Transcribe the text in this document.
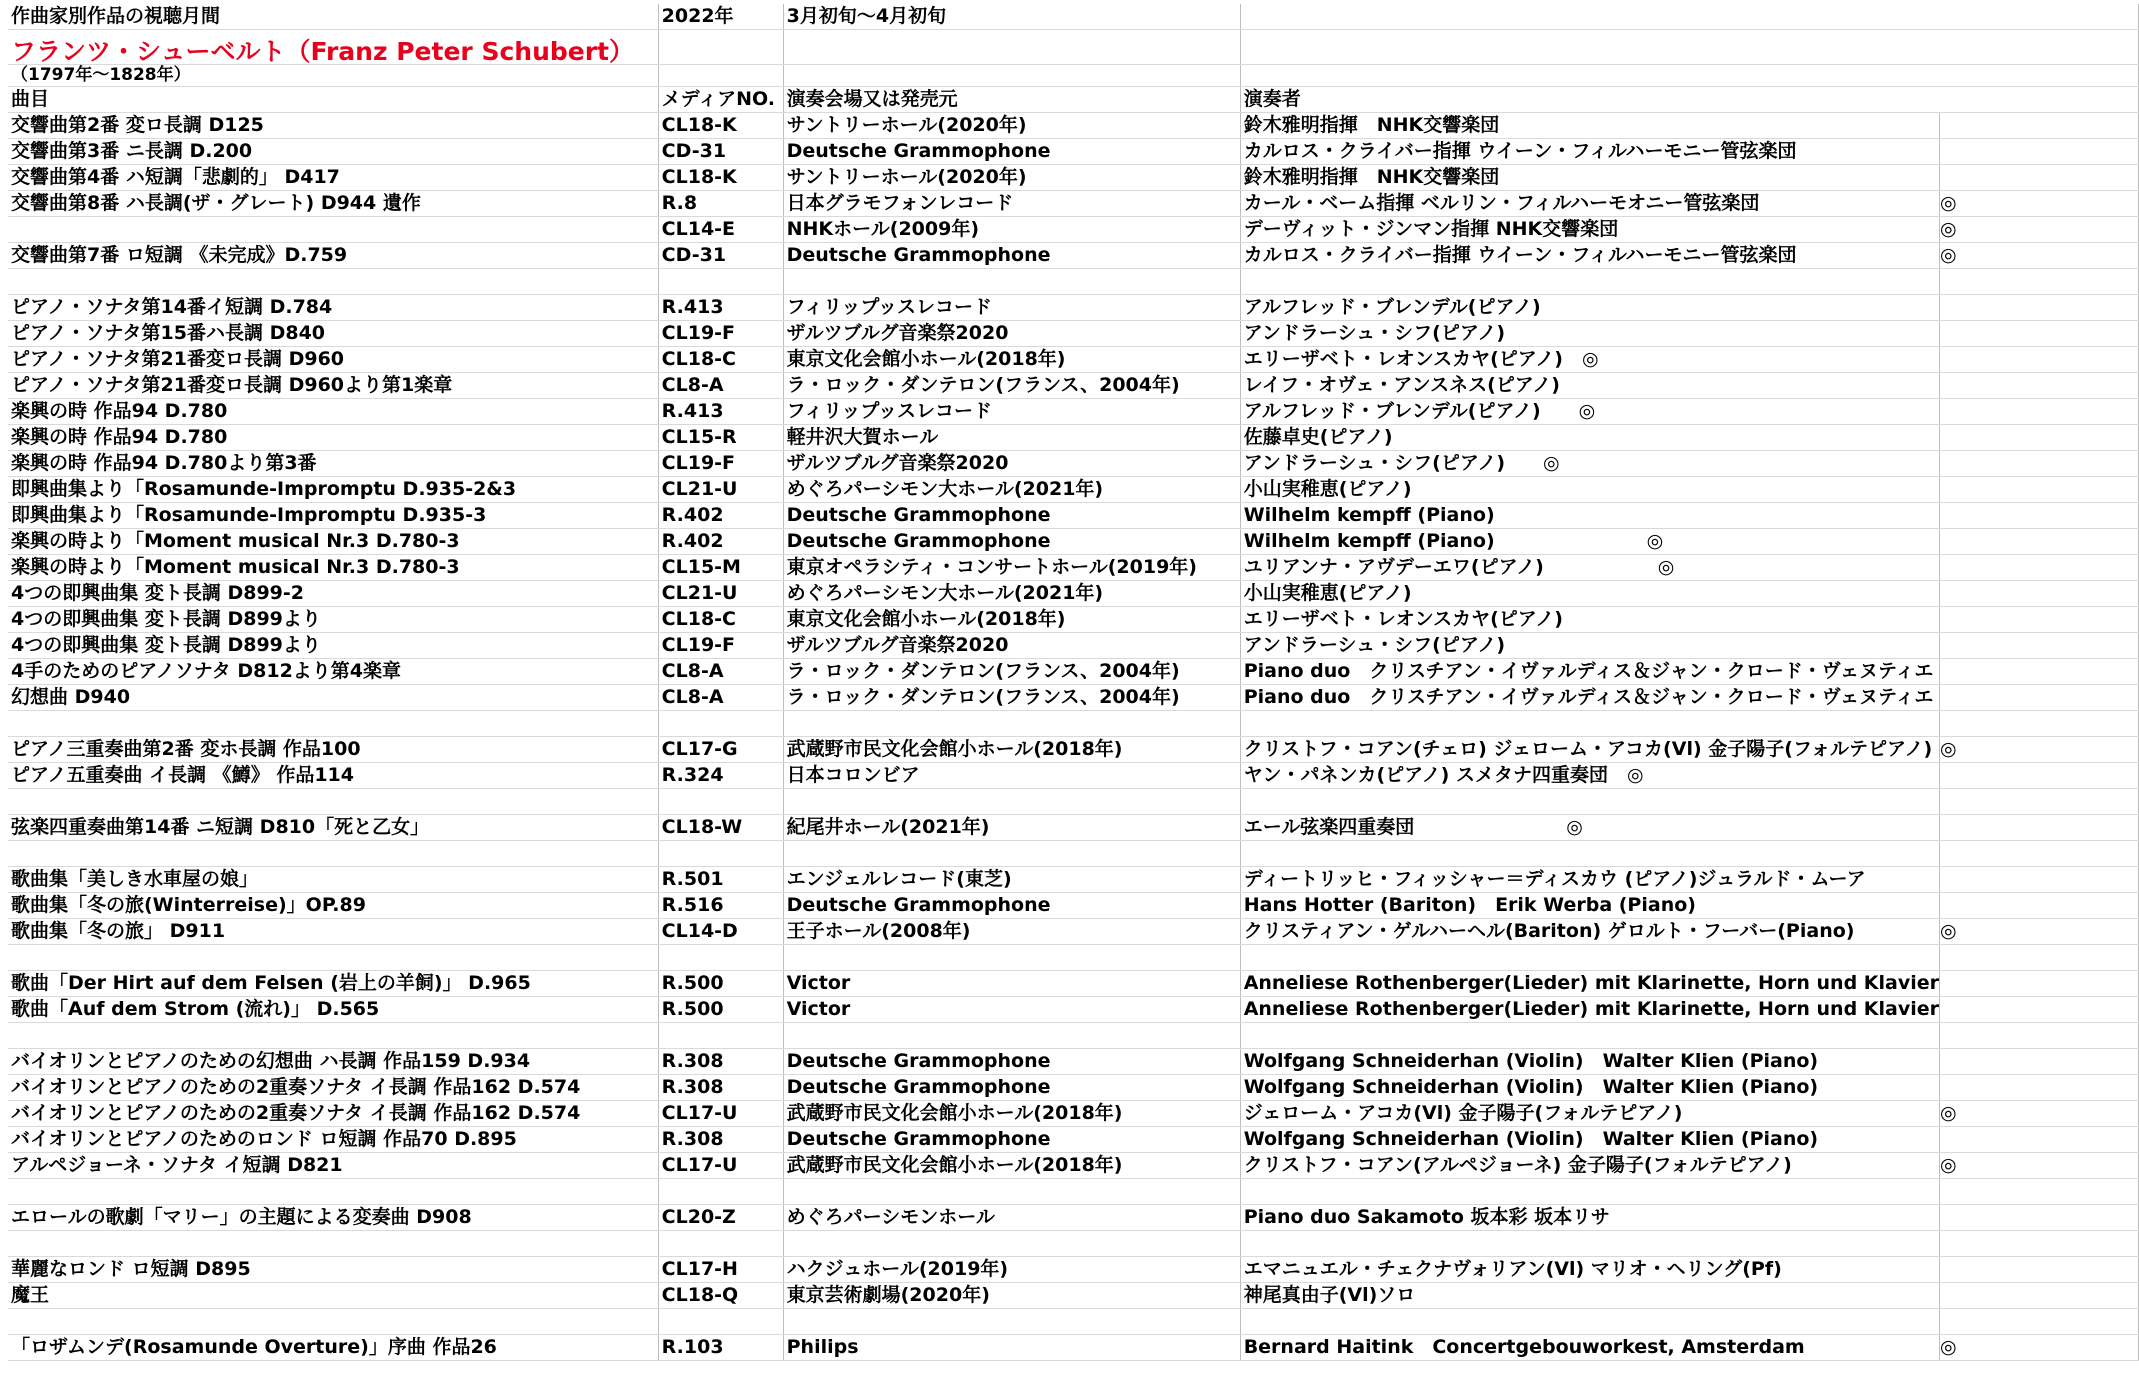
作曲家別作品の視聴月間	2022年	3月初旬～4月初旬		
フランツ・シューベルト（Franz Peter Schubert）				
（1797年～1828年）				
曲目	メディアNO.	演奏会場又は発売元	演奏者	
交響曲第2番 変ロ長調 D125	CL18-K	サントリーホール(2020年)	鈴木雅明指揮　NHK交響楽団	
交響曲第3番 ニ長調 D.200	CD-31	Deutsche Grammophone	カルロス・クライバー指揮 ウイーン・フィルハーモニー管弦楽団	
交響曲第4番 ハ短調「悲劇的」 D417	CL18-K	サントリーホール(2020年)	鈴木雅明指揮　NHK交響楽団	
交響曲第8番 ハ長調(ザ・グレート) D944 遺作	R.8	日本グラモフォンレコード	カール・ベーム指揮 ベルリン・フィルハーモオニー管弦楽団	◎
	CL14-E	NHKホール(2009年)	デーヴィット・ジンマン指揮 NHK交響楽団	◎
交響曲第7番 ロ短調 《未完成》D.759	CD-31	Deutsche Grammophone	カルロス・クライバー指揮 ウイーン・フィルハーモニー管弦楽団	◎

ピアノ・ソナタ第14番イ短調 D.784	R.413	フィリップッスレコード	アルフレッド・ブレンデル(ピアノ)	
ピアノ・ソナタ第15番ハ長調 D840	CL19-F	ザルツブルグ音楽祭2020	アンドラーシュ・シフ(ピアノ)	
ピアノ・ソナタ第21番変ロ長調 D960	CL18-C	東京文化会館小ホール(2018年)	エリーザベト・レオンスカヤ(ピアノ)　◎	
ピアノ・ソナタ第21番変ロ長調 D960より第1楽章	CL8-A	ラ・ロック・ダンテロン(フランス、2004年)	レイフ・オヴェ・アンスネス(ピアノ)	
楽興の時 作品94 D.780	R.413	フィリップッスレコード	アルフレッド・ブレンデル(ピアノ)　　◎	
楽興の時 作品94 D.780	CL15-R	軽井沢大賀ホール	佐藤卓史(ピアノ)	
楽興の時 作品94 D.780より第3番	CL19-F	ザルツブルグ音楽祭2020	アンドラーシュ・シフ(ピアノ)　　◎	
即興曲集より「Rosamunde-Impromptu D.935-2&3	CL21-U	めぐろパーシモン大ホール(2021年)	小山実稚恵(ピアノ)	
即興曲集より「Rosamunde-Impromptu D.935-3	R.402	Deutsche Grammophone	Wilhelm kempff (Piano)	
楽興の時より「Moment musical Nr.3 D.780-3	R.402	Deutsche Grammophone	Wilhelm kempff (Piano)　　　　　　　　◎	
楽興の時より「Moment musical Nr.3 D.780-3	CL15-M	東京オペラシティ・コンサートホール(2019年)	ユリアンナ・アヴデーエワ(ピアノ)　　　　　　◎	
4つの即興曲集 変ト長調 D899-2	CL21-U	めぐろパーシモン大ホール(2021年)	小山実稚恵(ピアノ)	
4つの即興曲集 変ト長調 D899より	CL18-C	東京文化会館小ホール(2018年)	エリーザベト・レオンスカヤ(ピアノ)	
4つの即興曲集 変ト長調 D899より	CL19-F	ザルツブルグ音楽祭2020	アンドラーシュ・シフ(ピアノ)	
4手のためのピアノソナタ D812より第4楽章	CL8-A	ラ・ロック・ダンテロン(フランス、2004年)	Piano duo　クリスチアン・イヴァルディス＆ジャン・クロード・ヴェヌティエ	
幻想曲 D940	CL8-A	ラ・ロック・ダンテロン(フランス、2004年)	Piano duo　クリスチアン・イヴァルディス＆ジャン・クロード・ヴェヌティエ	

ピアノ三重奏曲第2番 変ホ長調 作品100	CL17-G	武蔵野市民文化会館小ホール(2018年)	クリストフ・コアン(チェロ) ジェローム・アコカ(Vl) 金子陽子(フォルテピアノ)	◎
ピアノ五重奏曲 イ長調 《鱒》 作品114	R.324	日本コロンビア	ヤン・パネンカ(ピアノ) スメタナ四重奏団　◎	

弦楽四重奏曲第14番 ニ短調 D810「死と乙女」	CL18-W	紀尾井ホール(2021年)	エール弦楽四重奏団　　　　　　　　◎	

歌曲集「美しき水車屋の娘」	R.501	エンジェルレコード(東芝)	ディートリッヒ・フィッシャー＝ディスカウ (ピアノ)ジュラルド・ムーア	
歌曲集「冬の旅(Winterreise)」OP.89	R.516	Deutsche Grammophone	Hans Hotter (Bariton)　Erik Werba (Piano)	
歌曲集「冬の旅」 D911	CL14-D	王子ホール(2008年)	クリスティアン・ゲルハーヘル(Bariton) ゲロルト・フーバー(Piano)	◎

歌曲「Der Hirt auf dem Felsen (岩上の羊飼)」 D.965	R.500	Victor	Anneliese Rothenberger(Lieder) mit Klarinette, Horn und Klavier	
歌曲「Auf dem Strom (流れ)」 D.565	R.500	Victor	Anneliese Rothenberger(Lieder) mit Klarinette, Horn und Klavier	

バイオリンとピアノのための幻想曲 ハ長調 作品159 D.934	R.308	Deutsche Grammophone	Wolfgang Schneiderhan (Violin)　Walter Klien (Piano)	
バイオリンとピアノのための2重奏ソナタ イ長調 作品162 D.574	R.308	Deutsche Grammophone	Wolfgang Schneiderhan (Violin)　Walter Klien (Piano)	
バイオリンとピアノのための2重奏ソナタ イ長調 作品162 D.574	CL17-U	武蔵野市民文化会館小ホール(2018年)	ジェローム・アコカ(Vl) 金子陽子(フォルテピアノ)	◎
バイオリンとピアノのためのロンド ロ短調 作品70 D.895	R.308	Deutsche Grammophone	Wolfgang Schneiderhan (Violin)　Walter Klien (Piano)	
アルペジョーネ・ソナタ イ短調 D821	CL17-U	武蔵野市民文化会館小ホール(2018年)	クリストフ・コアン(アルペジョーネ) 金子陽子(フォルテピアノ)	◎

エロールの歌劇「マリー」の主題による変奏曲 D908	CL20-Z	めぐろパーシモンホール	Piano duo Sakamoto 坂本彩 坂本リサ	

華麗なロンド ロ短調 D895	CL17-H	ハクジュホール(2019年)	エマニュエル・チェクナヴォリアン(Vl) マリオ・ヘリング(Pf)	
魔王	CL18-Q	東京芸術劇場(2020年)	神尾真由子(Vl)ソロ	

「ロザムンデ(Rosamunde Overture)」序曲 作品26	R.103	Philips	Bernard Haitink　Concertgebouworkest, Amsterdam	◎
